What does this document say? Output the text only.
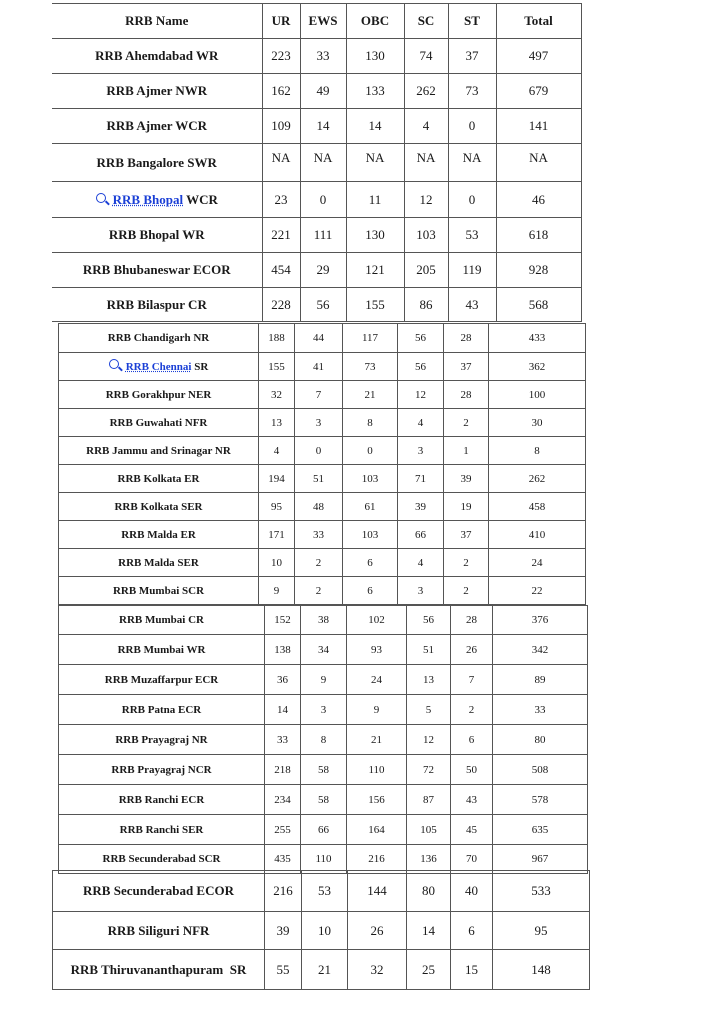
RRB Name	UR	EWS	OBC	SC	ST	Total
RRB Ahemdabad WR	223	33	130	74	37	497
RRB Ajmer NWR	162	49	133	262	73	679
RRB Ajmer WCR	109	14	14	4	0	141
RRB Bangalore SWR	NA	NA	NA	NA	NA	NA
RRB Bhopal WCR	23	0	11	12	0	46
RRB Bhopal WR	221	111	130	103	53	618
RRB Bhubaneswar ECOR	454	29	121	205	119	928
RRB Bilaspur CR	228	56	155	86	43	568
RRB Chandigarh NR	188	44	117	56	28	433
RRB Chennai SR	155	41	73	56	37	362
RRB Gorakhpur NER	32	7	21	12	28	100
RRB Guwahati NFR	13	3	8	4	2	30
RRB Jammu and Srinagar NR	4	0	0	3	1	8
RRB Kolkata ER	194	51	103	71	39	262
RRB Kolkata SER	95	48	61	39	19	458
RRB Malda ER	171	33	103	66	37	410
RRB Malda SER	10	2	6	4	2	24
RRB Mumbai SCR	9	2	6	3	2	22
RRB Mumbai CR	152	38	102	56	28	376
RRB Mumbai WR	138	34	93	51	26	342
RRB Muzaffarpur ECR	36	9	24	13	7	89
RRB Patna ECR	14	3	9	5	2	33
RRB Prayagraj NR	33	8	21	12	6	80
RRB Prayagraj NCR	218	58	110	72	50	508
RRB Ranchi ECR	234	58	156	87	43	578
RRB Ranchi SER	255	66	164	105	45	635
RRB Secunderabad SCR	435	110	216	136	70	967
RRB Secunderabad ECOR	216	53	144	80	40	533
RRB Siliguri NFR	39	10	26	14	6	95
RRB Thiruvananthapuram  SR	55	21	32	25	15	148
